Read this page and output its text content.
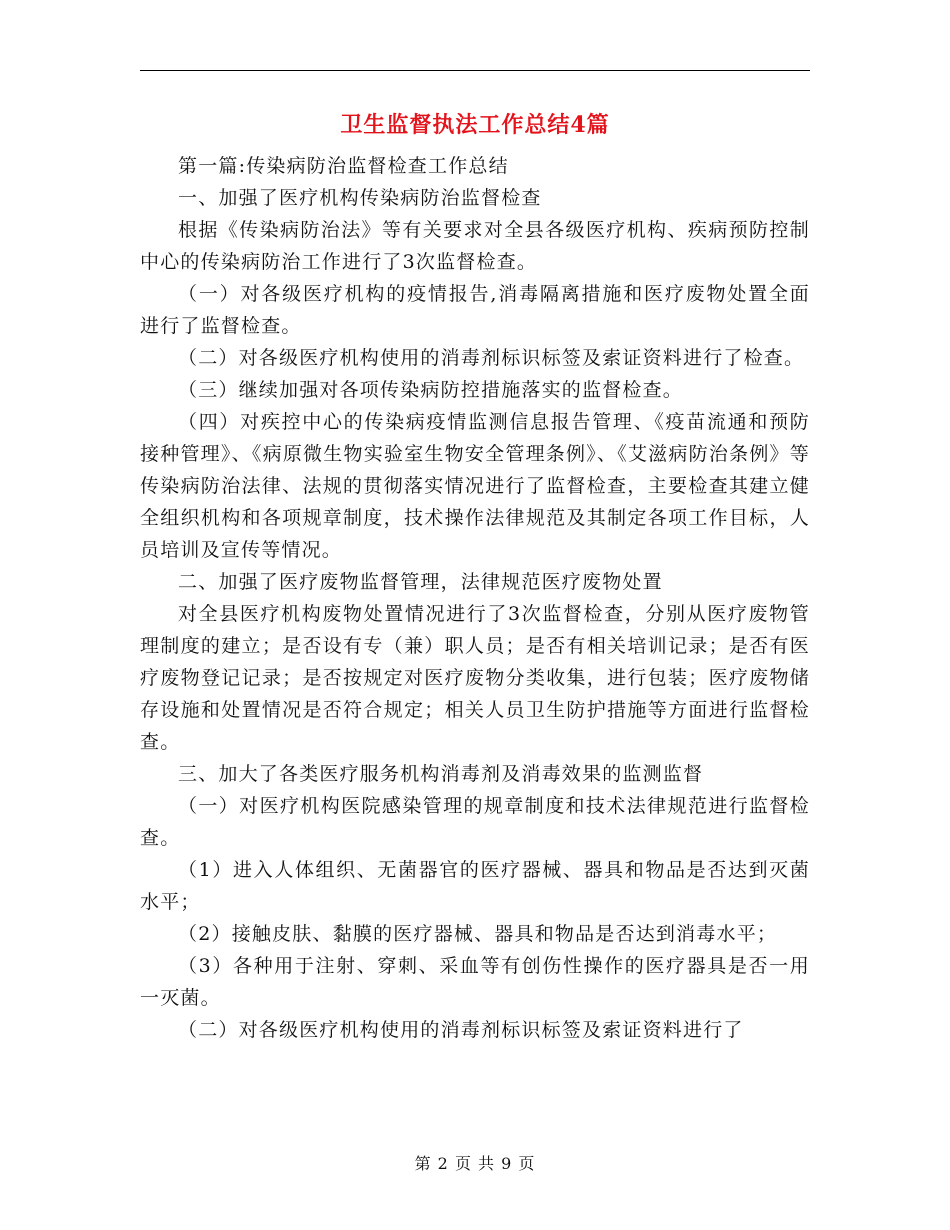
卫生监督执法工作总结4篇

第一篇:传染病防治监督检查工作总结

一、加强了医疗机构传染病防治监督检查

根据《传染病防治法》等有关要求对全县各级医疗机构、疾病预防控制中心的传染病防治工作进行了3次监督检查。

（一）对各级医疗机构的疫情报告,消毒隔离措施和医疗废物处置全面进行了监督检查。

（二）对各级医疗机构使用的消毒剂标识标签及索证资料进行了检查。

（三）继续加强对各项传染病防控措施落实的监督检查。

（四）对疾控中心的传染病疫情监测信息报告管理、《疫苗流通和预防接种管理》、《病原微生物实验室生物安全管理条例》、《艾滋病防治条例》等传染病防治法律、法规的贯彻落实情况进行了监督检查，主要检查其建立健全组织机构和各项规章制度，技术操作法律规范及其制定各项工作目标，人员培训及宣传等情况。

二、加强了医疗废物监督管理，法律规范医疗废物处置

对全县医疗机构废物处置情况进行了3次监督检查，分别从医疗废物管理制度的建立；是否设有专（兼）职人员；是否有相关培训记录；是否有医疗废物登记记录；是否按规定对医疗废物分类收集，进行包装；医疗废物储存设施和处置情况是否符合规定；相关人员卫生防护措施等方面进行监督检查。

三、加大了各类医疗服务机构消毒剂及消毒效果的监测监督

（一）对医疗机构医院感染管理的规章制度和技术法律规范进行监督检查。

（1）进入人体组织、无菌器官的医疗器械、器具和物品是否达到灭菌水平；

（2）接触皮肤、黏膜的医疗器械、器具和物品是否达到消毒水平；

（3）各种用于注射、穿刺、采血等有创伤性操作的医疗器具是否一用一灭菌。

（二）对各级医疗机构使用的消毒剂标识标签及索证资料进行了

第 2 页 共 9 页
